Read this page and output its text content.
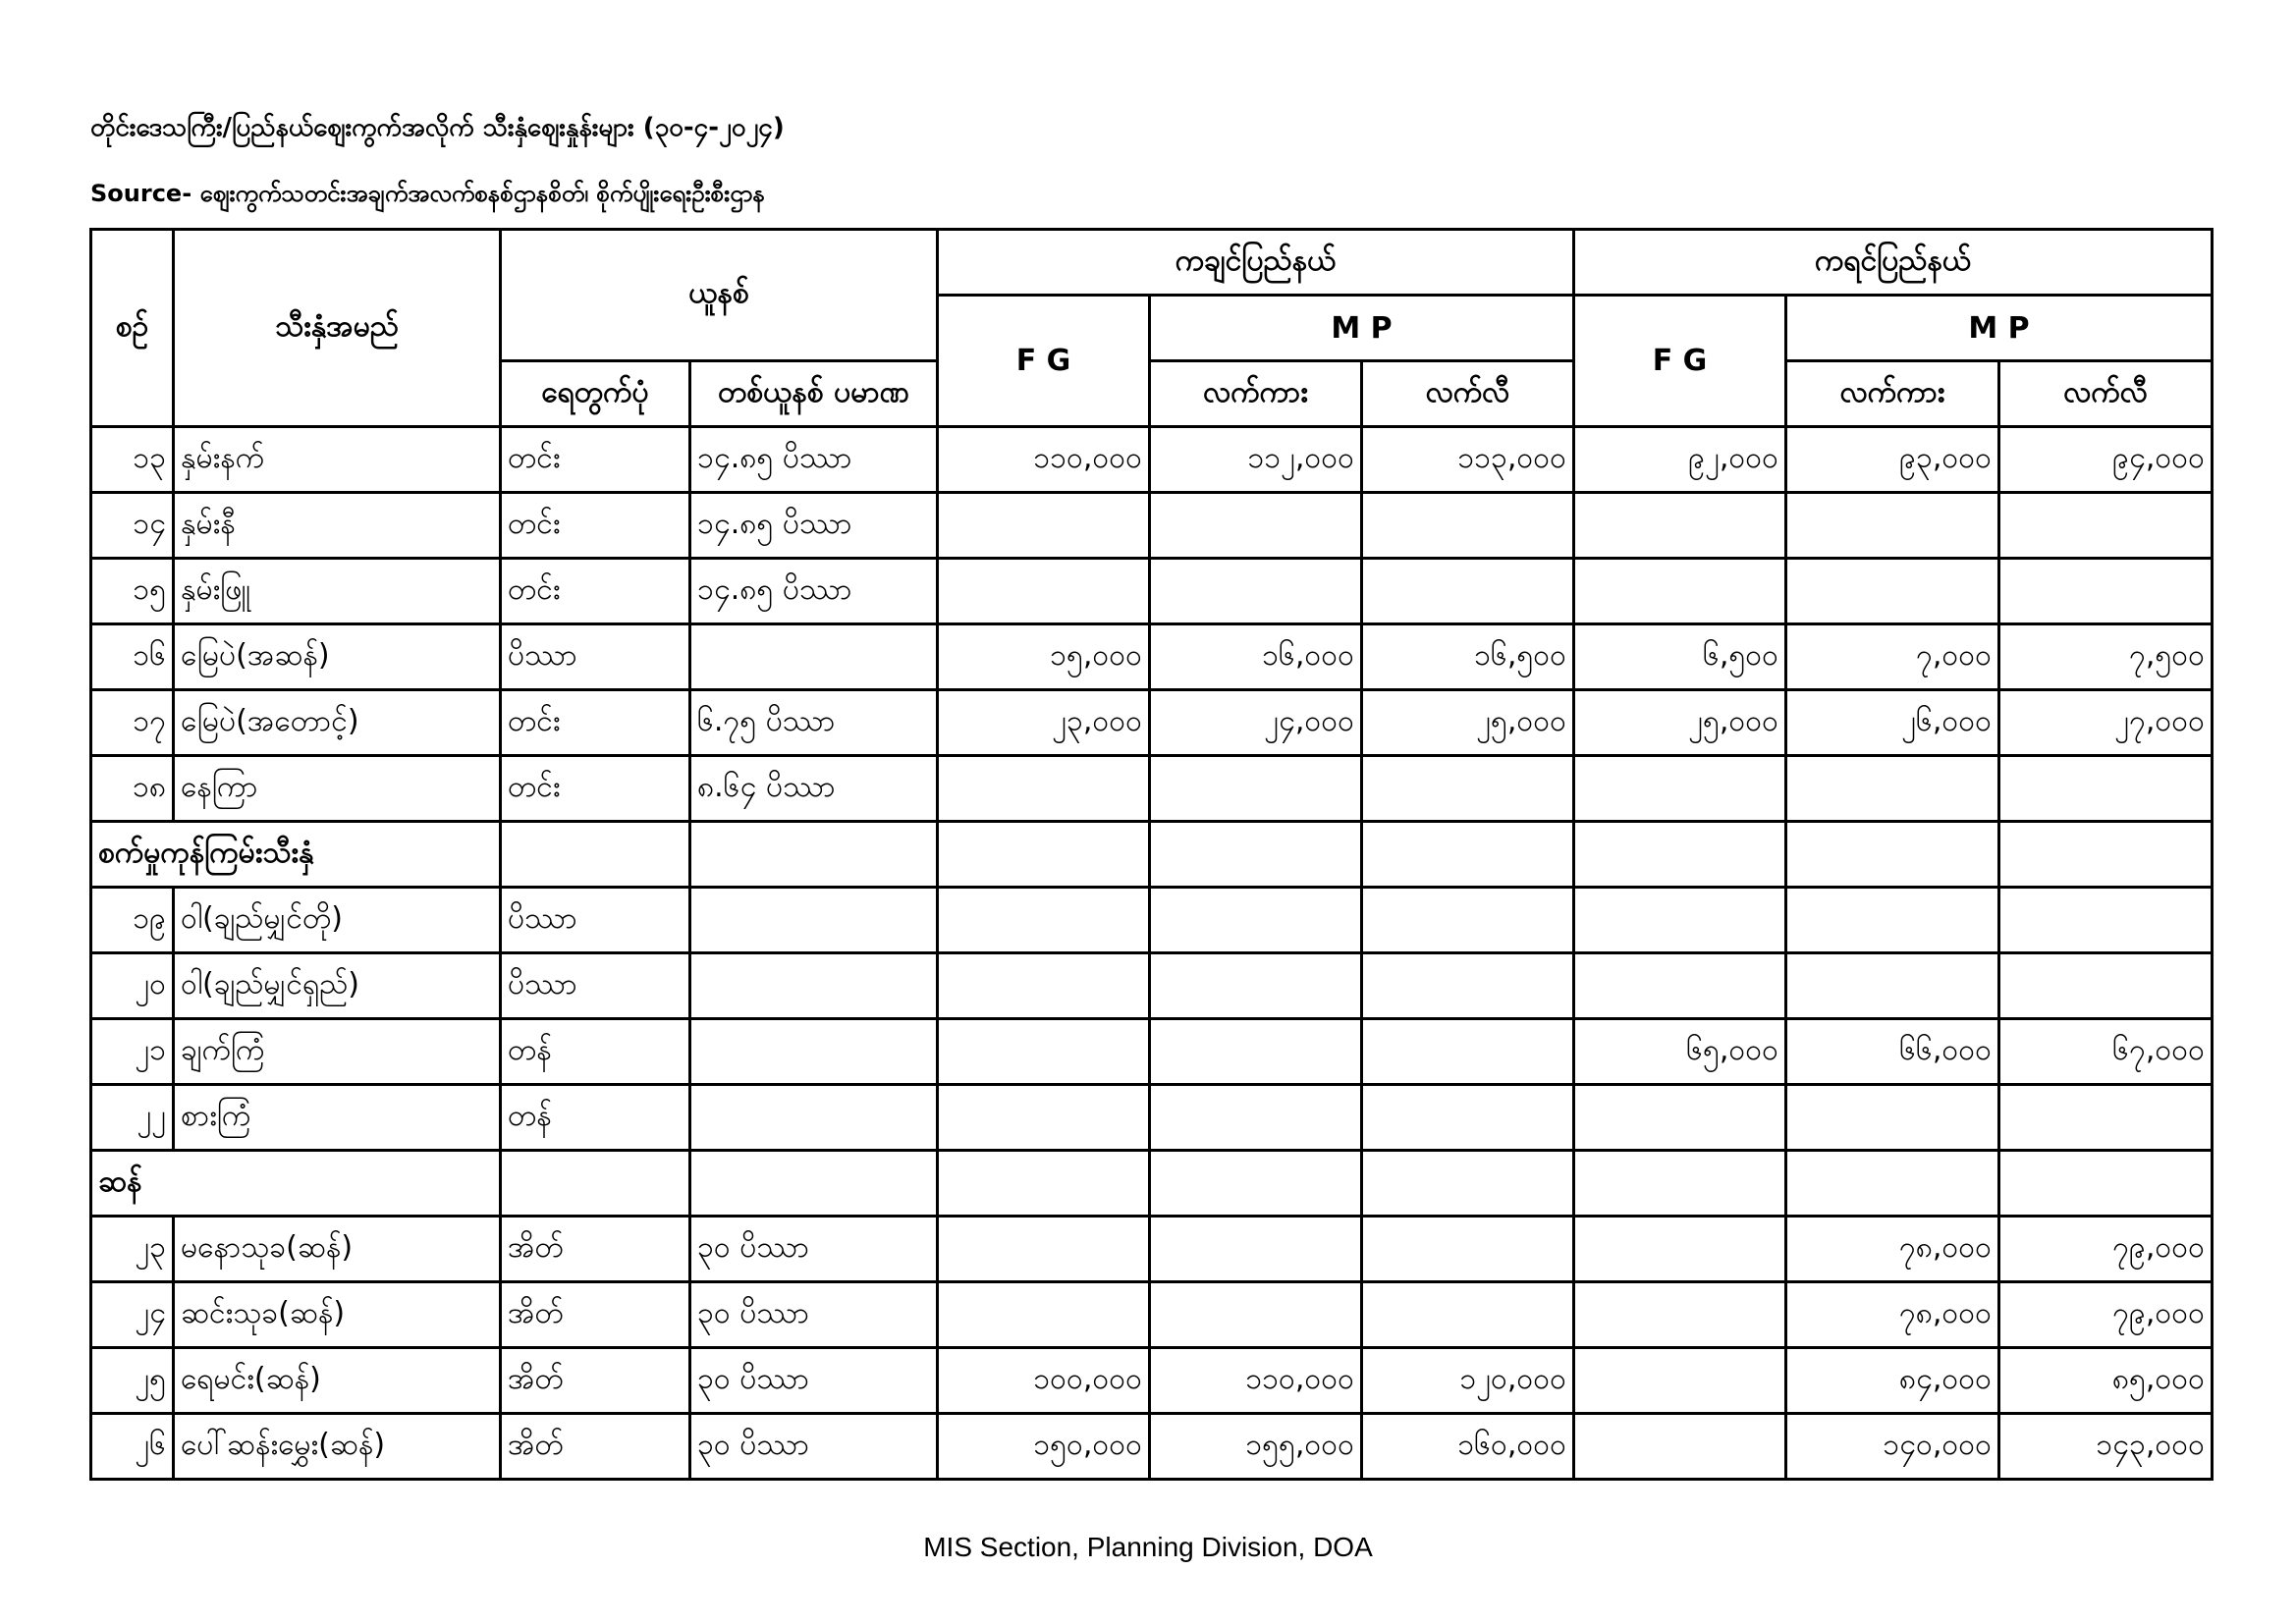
တိုင်းဒေသကြီး/ပြည်နယ်ဈေးကွက်အလိုက် သီးနှံဈေးနှုန်းများ (၃၀-၄-၂၀၂၄)
Source- ဈေးကွက်သတင်းအချက်အလက်စနစ်ဌာနစိတ်၊ စိုက်ပျိုးရေးဦးစီးဌာန
စဉ်	သီးနှံအမည်	ယူနစ်		ကချင်ပြည်နယ်			ကရင်ပြည်နယ်		
				F G	M P		F G	M P	
		ရေတွက်ပုံ	တစ်ယူနစ် ပမာဏ		လက်ကား	လက်လီ		လက်ကား	လက်လီ
၁၃	နှမ်းနက်	တင်း	၁၄.၈၅ ပိဿာ	၁၁၀,၀၀၀	၁၁၂,၀၀၀	၁၁၃,၀၀၀	၉၂,၀၀၀	၉၃,၀၀၀	၉၄,၀၀၀
၁၄	နှမ်းနီ	တင်း	၁၄.၈၅ ပိဿာ						
၁၅	နှမ်းဖြူ	တင်း	၁၄.၈၅ ပိဿာ						
၁၆	မြေပဲ(အဆန်)	ပိဿာ		၁၅,၀၀၀	၁၆,၀၀၀	၁၆,၅၀၀	၆,၅၀၀	၇,၀၀၀	၇,၅၀၀
၁၇	မြေပဲ(အတောင့်)	တင်း	၆.၇၅ ပိဿာ	၂၃,၀၀၀	၂၄,၀၀၀	၂၅,၀၀၀	၂၅,၀၀၀	၂၆,၀၀၀	၂၇,၀၀၀
၁၈	နေကြာ	တင်း	၈.၆၄ ပိဿာ						
စက်မှုကုန်ကြမ်းသီးနှံ									
၁၉	ဝါ(ချည်မျှင်တို)	ပိဿာ							
၂၀	ဝါ(ချည်မျှင်ရှည်)	ပိဿာ							
၂၁	ချက်ကြံ	တန်					၆၅,၀၀၀	၆၆,၀၀၀	၆၇,၀၀၀
၂၂	စားကြံ	တန်							
ဆန်									
၂၃	မနောသုခ(ဆန်)	အိတ်	၃၀ ပိဿာ					၇၈,၀၀၀	၇၉,၀၀၀
၂၄	ဆင်းသုခ(ဆန်)	အိတ်	၃၀ ပိဿာ					၇၈,၀၀၀	၇၉,၀၀၀
၂၅	ရေမင်း(ဆန်)	အိတ်	၃၀ ပိဿာ	၁၀၀,၀၀၀	၁၁၀,၀၀၀	၁၂၀,၀၀၀		၈၄,၀၀၀	၈၅,၀၀၀
၂၆	ပေါ်ဆန်းမွှေး(ဆန်)	အိတ်	၃၀ ပိဿာ	၁၅၀,၀၀၀	၁၅၅,၀၀၀	၁၆၀,၀၀၀		၁၄၀,၀၀၀	၁၄၃,၀၀၀
MIS Section, Planning Division, DOA
